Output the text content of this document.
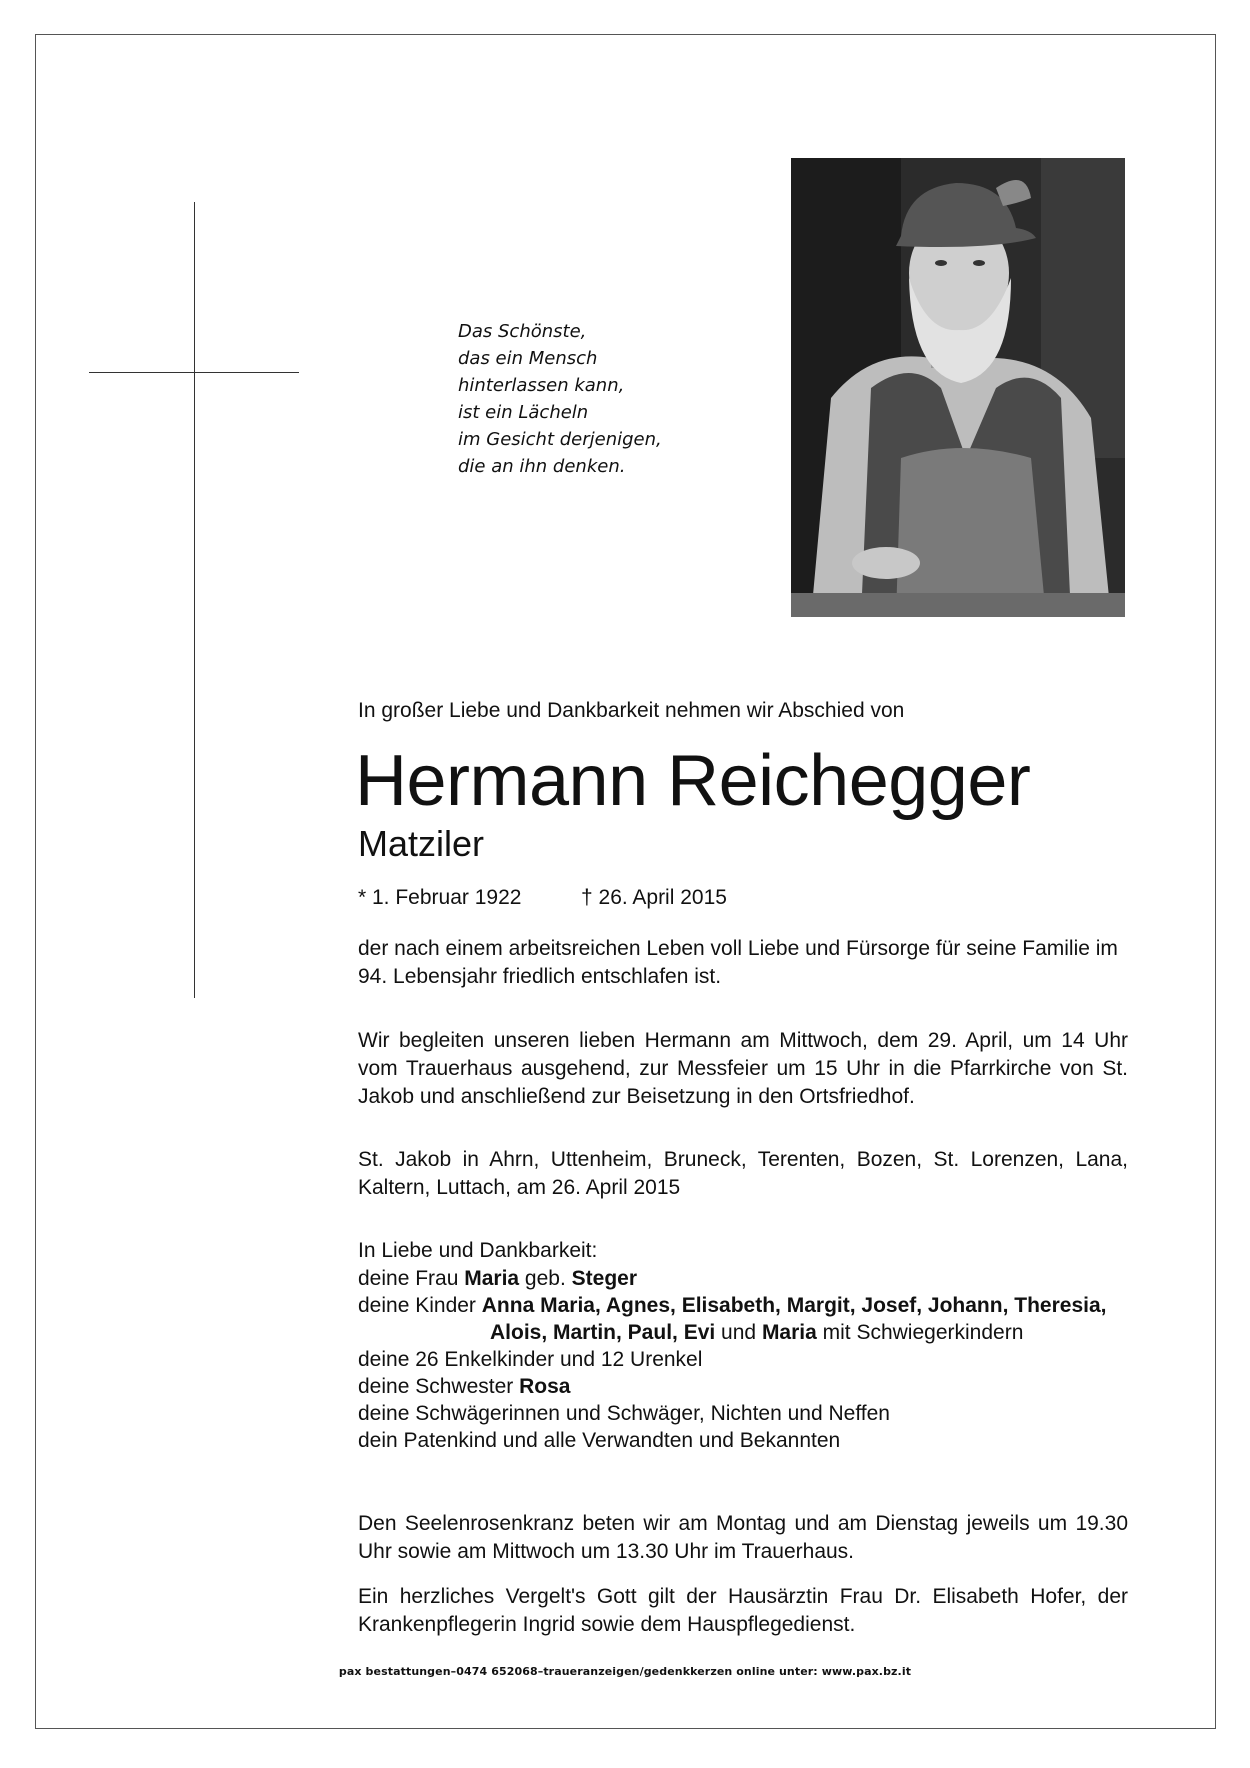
Das Schönste,
das ein Mensch
hinterlassen kann,
ist ein Lächeln
im Gesicht derjenigen,
die an ihn denken.
In großer Liebe und Dankbarkeit nehmen wir Abschied von
Hermann Reichegger
Matziler
* 1. Februar 1922	† 26. April 2015
der nach einem arbeitsreichen Leben voll Liebe und Fürsorge für seine Familie im 94. Lebensjahr friedlich entschlafen ist.
Wir begleiten unseren lieben Hermann am Mittwoch, dem 29. April, um 14 Uhr vom Trauerhaus ausgehend, zur Messfeier um 15 Uhr in die Pfarrkirche von St. Jakob und anschließend zur Beisetzung in den Ortsfriedhof.
St. Jakob in Ahrn, Uttenheim, Bruneck, Terenten, Bozen, St. Lorenzen, Lana, Kaltern, Luttach, am 26. April 2015
In Liebe und Dankbarkeit:
deine Frau Maria geb. Steger
deine Kinder Anna Maria, Agnes, Elisabeth, Margit, Josef, Johann, Theresia,
Alois, Martin, Paul, Evi und Maria mit Schwiegerkindern
deine 26 Enkelkinder und 12 Urenkel
deine Schwester Rosa
deine Schwägerinnen und Schwäger, Nichten und Neffen
dein Patenkind und alle Verwandten und Bekannten
Den Seelenrosenkranz beten wir am Montag und am Dienstag jeweils um 19.30 Uhr sowie am Mittwoch um 13.30 Uhr im Trauerhaus.
Ein herzliches Vergelt's Gott gilt der Hausärztin Frau Dr. Elisabeth Hofer, der Krankenpflegerin Ingrid sowie dem Hauspflegedienst.
pax bestattungen–0474 652068–traueranzeigen/gedenkkerzen online unter: www.pax.bz.it
